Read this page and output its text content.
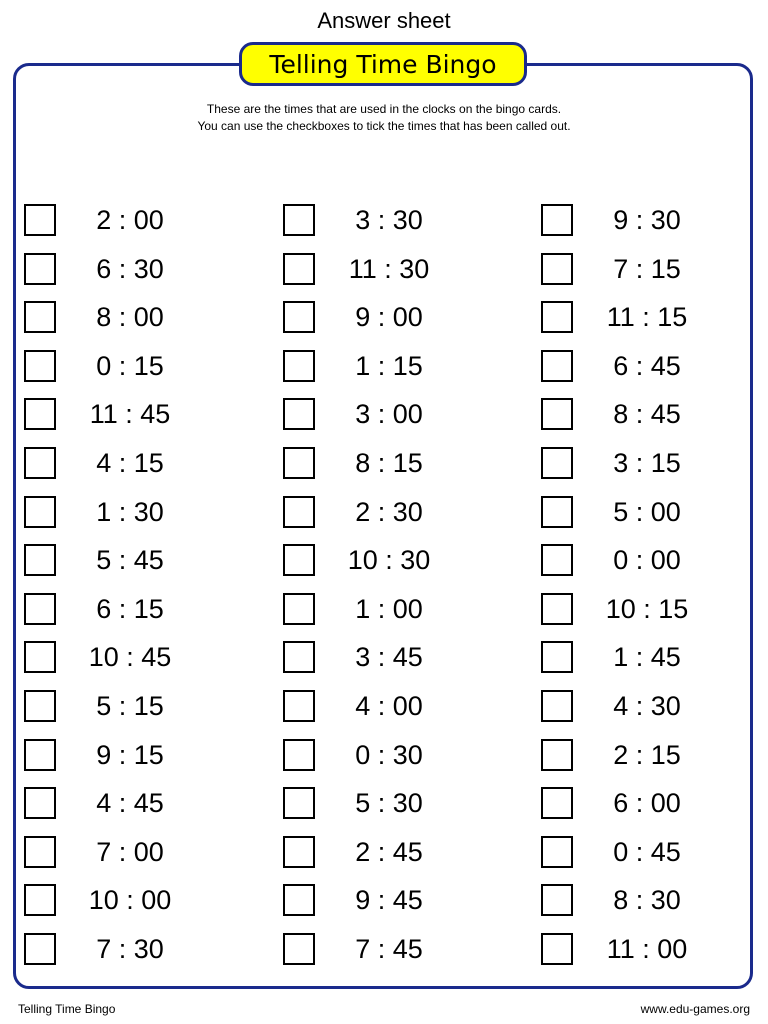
Answer sheet
Telling Time Bingo
These are the times that are used in the clocks on the bingo cards.
You can use the checkboxes to tick the times that has been called out.
2 : 00
6 : 30
8 : 00
0 : 15
11 : 45
4 : 15
1 : 30
5 : 45
6 : 15
10 : 45
5 : 15
9 : 15
4 : 45
7 : 00
10 : 00
7 : 30
3 : 30
11 : 30
9 : 00
1 : 15
3 : 00
8 : 15
2 : 30
10 : 30
1 : 00
3 : 45
4 : 00
0 : 30
5 : 30
2 : 45
9 : 45
7 : 45
9 : 30
7 : 15
11 : 15
6 : 45
8 : 45
3 : 15
5 : 00
0 : 00
10 : 15
1 : 45
4 : 30
2 : 15
6 : 00
0 : 45
8 : 30
11 : 00
Telling Time Bingo	www.edu-games.org
